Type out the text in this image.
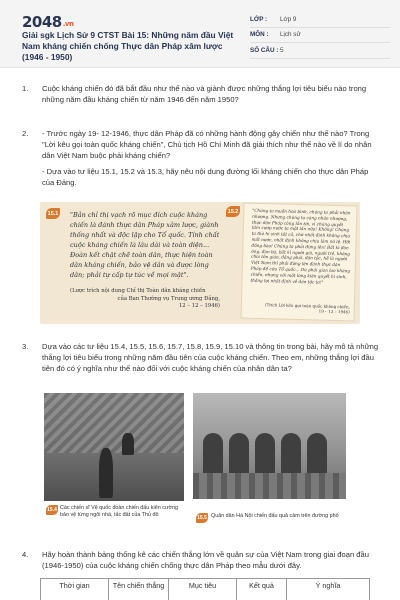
2048.vn
Giải sgk Lịch Sử 9 CTST Bài 15: Những năm đầu Việt Nam kháng chiến chống Thực dân Pháp xâm lược (1946 - 1950)
LỚP :	Lớp 9
MÔN :	Lịch sử
SỐ CÂU : 5
1.	Cuộc kháng chiến đó đã bắt đầu như thế nào và giành được những thắng lợi tiêu biểu nào trong những năm đầu kháng chiến từ năm 1946 đến năm 1950?

2.	- Trước ngày 19- 12-1946, thực dân Pháp đã có những hành động gây chiến như thế nào? Trong "Lời kêu gọi toàn quốc kháng chiến", Chủ tịch Hồ Chí Minh đã giải thích như thế nào về lí do nhân dân Việt Nam buộc phải kháng chiến?

- Dựa vào tư liệu 15.1, 15.2 và 15.3, hãy nêu nội dung đường lối kháng chiến cho thực dân Pháp của Đảng.

15.1 "Bản chỉ thị vạch rõ mục đích cuộc kháng chiến là đánh thực dân Pháp xâm lược, giành thống nhất và độc lập cho Tổ quốc. Tính chất cuộc kháng chiến là lâu dài và toàn diện... Đoàn kết chặt chẽ toàn dân, thực hiện toàn dân kháng chiến, bảo vệ dân và được lòng dân; phải tự cấp tự túc về mọi mặt".
(Lược trích nội dung Chỉ thị Toàn dân kháng chiến
của Ban Thường vụ Trung ương Đảng,
12 – 12 – 1946)
15.2	"Chúng ta muốn hoà bình, chúng ta phải nhân nhượng. Nhưng chúng ta càng nhân nhượng, thực dân Pháp càng lấn tới, vì chúng quyết tâm cướp nước ta một lần nữa! Không! Chúng ta thà hi sinh tất cả, chứ nhất định không chịu mất nước, nhất định không chịu làm nô lệ. Hỡi đồng bào! Chúng ta phải đứng lên! Bất kì đàn ông, đàn bà, bất kì người già, người trẻ, không chia tôn giáo, đảng phái, dân tộc, hễ là người Việt Nam thì phải đứng lên đánh thực dân Pháp để cứu Tổ quốc... Dù phải gian lao kháng chiến, nhưng với một lòng kiên quyết hi sinh, thắng lợi nhất định về dân tộc ta!"
(Trích Lời kêu gọi toàn quốc kháng chiến,
19 – 12 – 1946)
3.	Dựa vào các tư liệu 15.4, 15.5, 15.6, 15.7, 15.8, 15.9, 15.10 và thông tin trong bài, hãy mô tả những thắng lợi tiêu biểu trong những năm đầu tiên của cuộc kháng chiến. Theo em, những thắng lợi đầu tiên đó có ý nghĩa như thế nào đối với cuộc kháng chiến của nhân dân ta?

15.4 Các chiến sĩ Vệ quốc đoàn chiến đấu kiên cường bảo vệ từng ngôi nhà, tấc đất của Thủ đô	15.5 Quân dân Hà Nội chiến đấu quả cảm trên đường phố
4.	Hãy hoàn thành bảng thống kê các chiến thắng lớn về quân sự của Việt Nam trong giai đoạn đầu (1946-1950) của cuộc kháng chiến chống thực dân Pháp theo mẫu dưới đây.

Thời gian	Tên chiến thắng	Mục tiêu	Kết quả	Ý nghĩa
